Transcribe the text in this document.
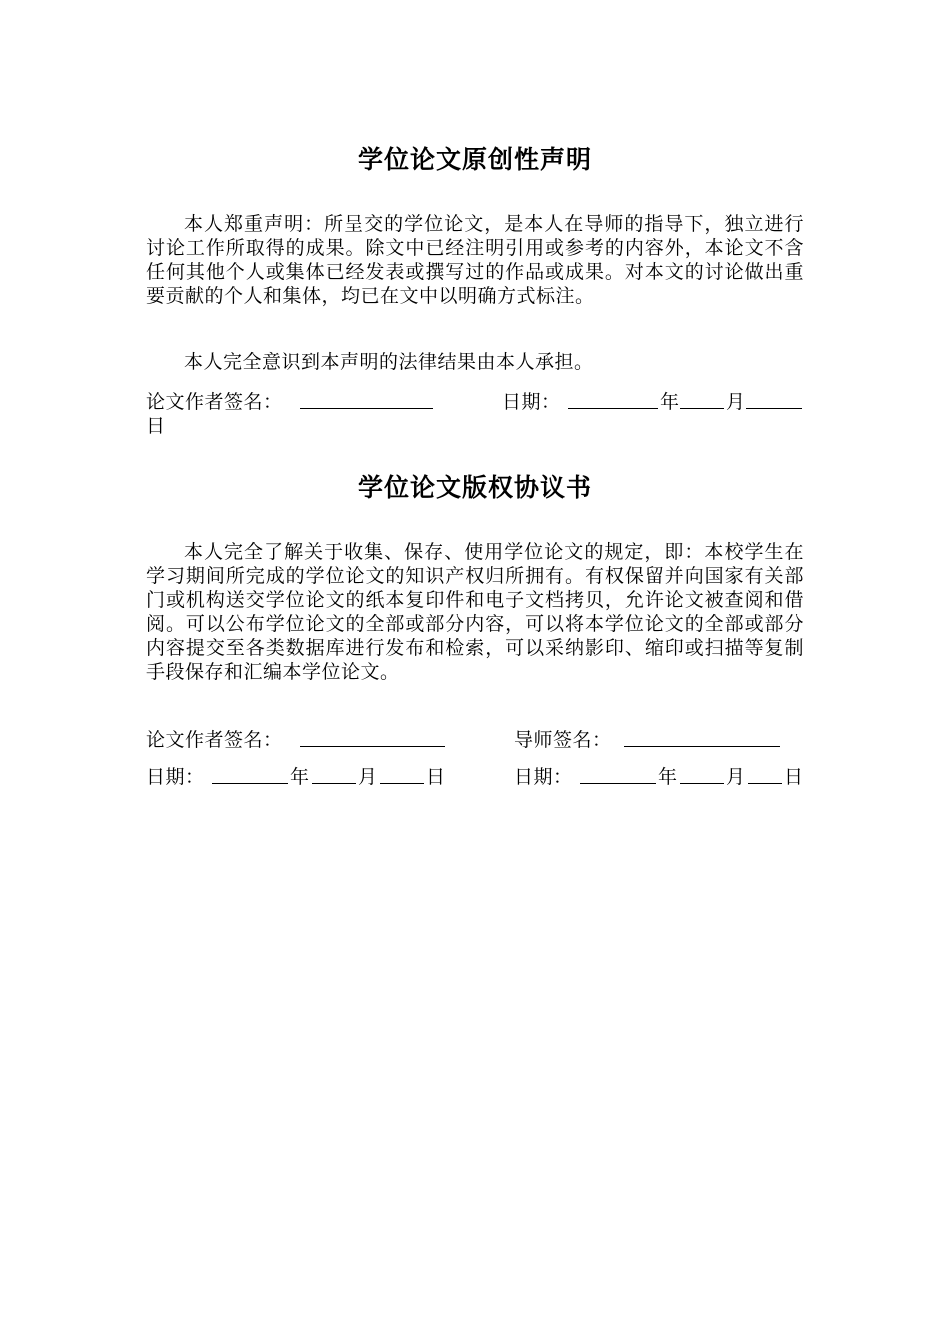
学位论文原创性声明
本人郑重声明：所呈交的学位论文，是本人在导师的指导下，独立进行讨论工作所取得的成果。除文中已经注明引用或参考的内容外，本论文不含任何其他个人或集体已经发表或撰写过的作品或成果。对本文的讨论做出重要贡献的个人和集体，均已在文中以明确方式标注。
本人完全意识到本声明的法律结果由本人承担。
论文作者签名：	日期：	年 月
日
学位论文版权协议书
本人完全了解关于收集、保存、使用学位论文的规定，即：本校学生在学习期间所完成的学位论文的知识产权归所拥有。有权保留并向国家有关部门或机构送交学位论文的纸本复印件和电子文档拷贝，允许论文被查阅和借阅。可以公布学位论文的全部或部分内容，可以将本学位论文的全部或部分内容提交至各类数据库进行发布和检索，可以采纳影印、缩印或扫描等复制手段保存和汇编本学位论文。
论文作者签名：	导师签名：
日期：	年	月	日	日期：	年	月 日
